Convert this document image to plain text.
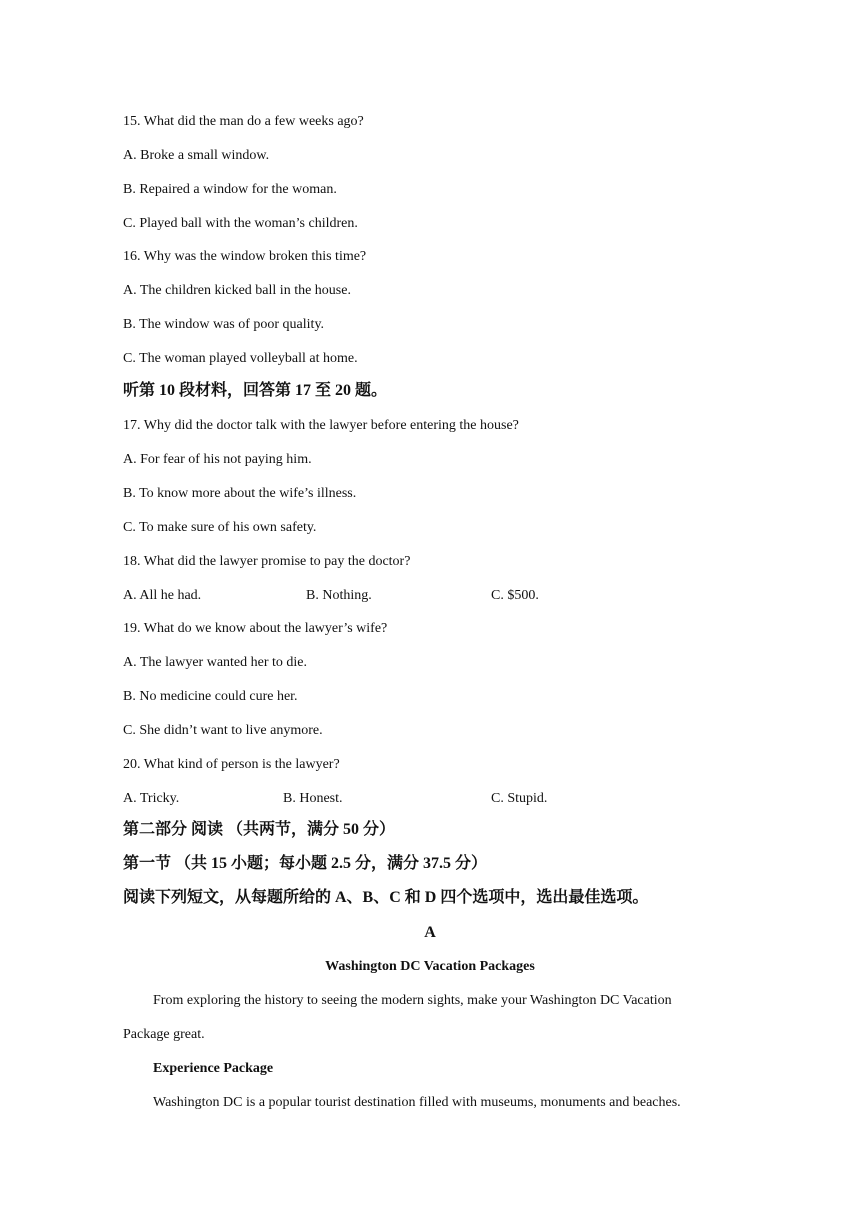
15. What did the man do a few weeks ago?
A. Broke a small window.
B. Repaired a window for the woman.
C. Played ball with the woman’s children.
16. Why was the window broken this time?
A. The children kicked ball in the house.
B. The window was of poor quality.
C. The woman played volleyball at home.
听第 10 段材料，回答第 17 至 20 题。
17. Why did the doctor talk with the lawyer before entering the house?
A. For fear of his not paying him.
B. To know more about the wife’s illness.
C. To make sure of his own safety.
18. What did the lawyer promise to pay the doctor?
A. All he had.	B. Nothing.	C. $500.
19. What do we know about the lawyer’s wife?
A. The lawyer wanted her to die.
B. No medicine could cure her.
C. She didn’t want to live anymore.
20. What kind of person is the lawyer?
A. Tricky.	B. Honest.	C. Stupid.
第二部分 阅读 （共两节，满分 50 分）
第一节 （共 15 小题；每小题 2.5 分，满分 37.5 分）
阅读下列短文，从每题所给的 A、B、C 和 D 四个选项中，选出最佳选项。
A
Washington DC Vacation Packages
From exploring the history to seeing the modern sights, make your Washington DC Vacation
Package great.
Experience Package
Washington DC is a popular tourist destination filled with museums, monuments and beaches.
